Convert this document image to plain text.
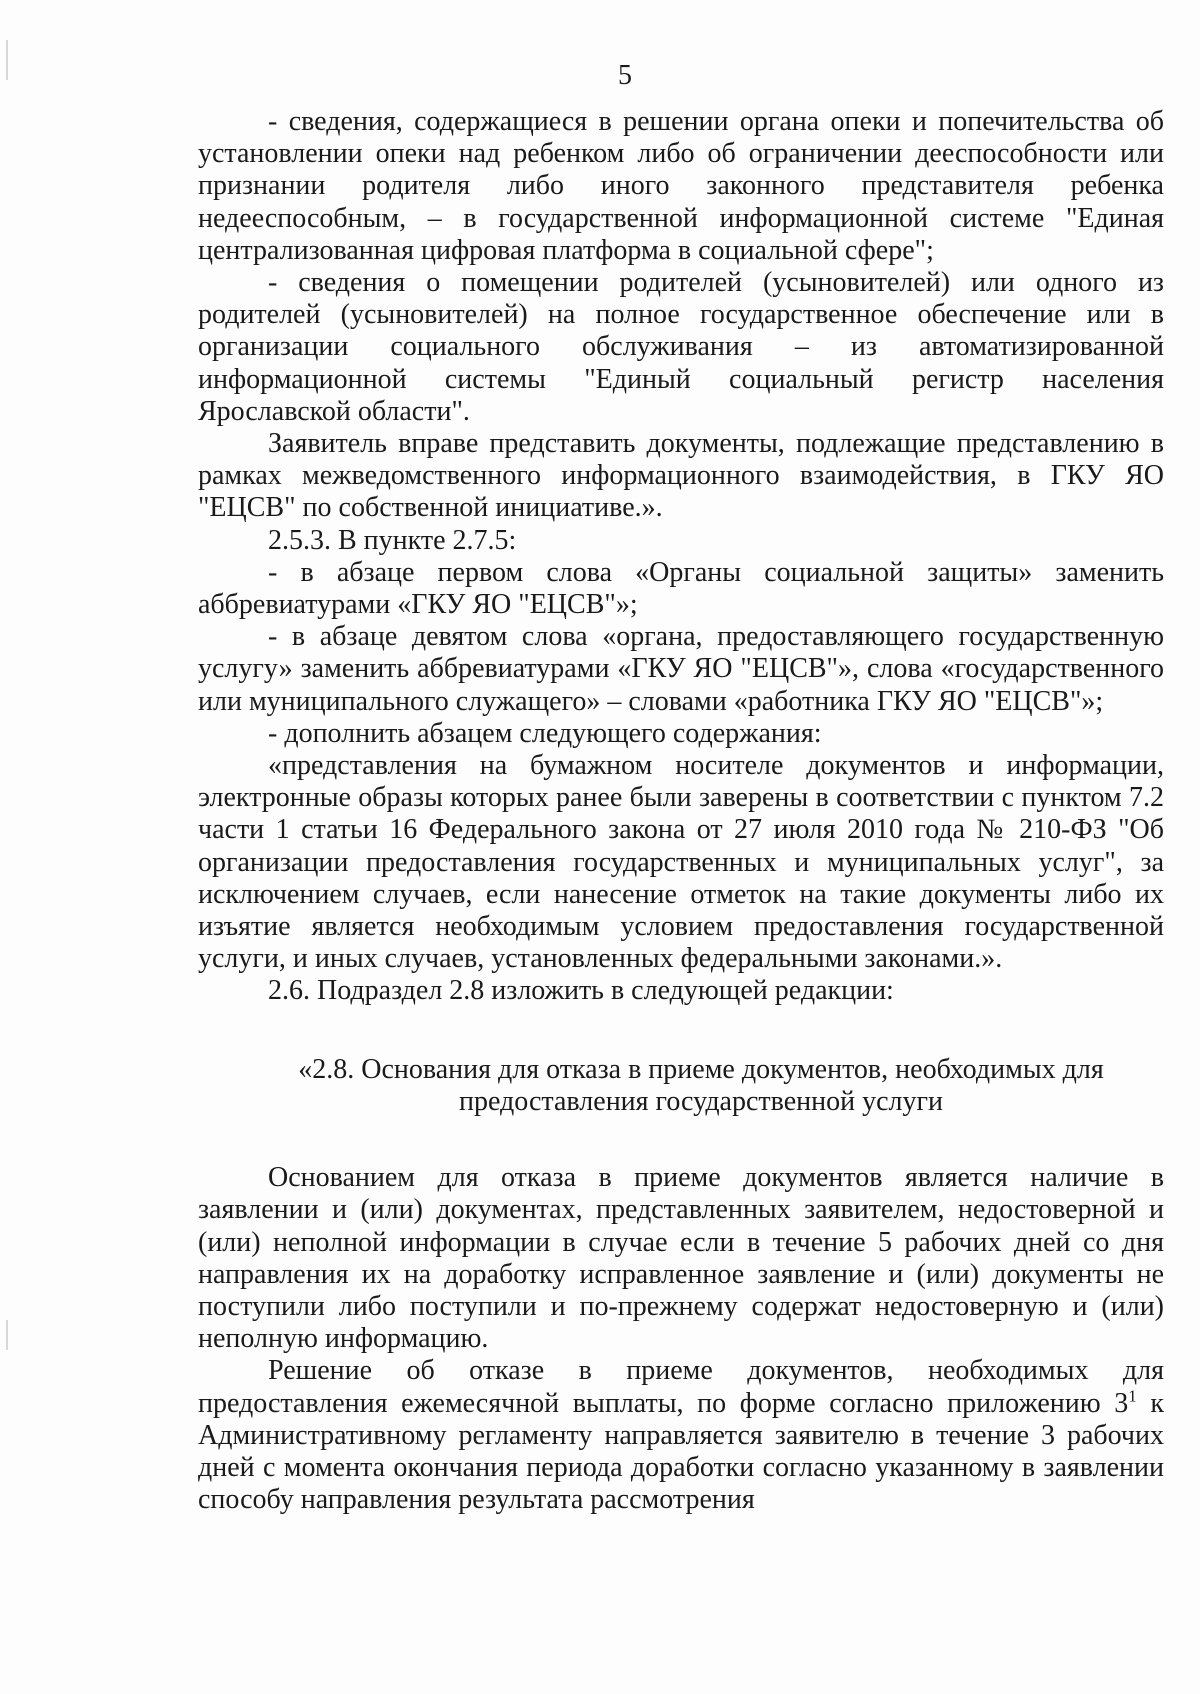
5

- сведения, содержащиеся в решении органа опеки и попечительства об установлении опеки над ребенком либо об ограничении дееспособности или признании родителя либо иного законного представителя ребенка недееспособным, – в государственной информационной системе "Единая централизованная цифровая платформа в социальной сфере";

- сведения о помещении родителей (усыновителей) или одного из родителей (усыновителей) на полное государственное обеспечение или в организации социального обслуживания – из автоматизированной информационной системы "Единый социальный регистр населения Ярославской области".

Заявитель вправе представить документы, подлежащие представлению в рамках межведомственного информационного взаимодействия, в ГКУ ЯО "ЕЦСВ" по собственной инициативе.».

2.5.3. В пункте 2.7.5:

- в абзаце первом слова «Органы социальной защиты» заменить аббревиатурами «ГКУ ЯО "ЕЦСВ"»;

- в абзаце девятом слова «органа, предоставляющего государственную услугу» заменить аббревиатурами «ГКУ ЯО "ЕЦСВ"», слова «государственного или муниципального служащего» – словами «работника ГКУ ЯО "ЕЦСВ"»;

- дополнить абзацем следующего содержания:

«представления на бумажном носителе документов и информации, электронные образы которых ранее были заверены в соответствии с пунктом 7.2 части 1 статьи 16 Федерального закона от 27 июля 2010 года № 210-ФЗ "Об организации предоставления государственных и муниципальных услуг", за исключением случаев, если нанесение отметок на такие документы либо их изъятие является необходимым условием предоставления государственной услуги, и иных случаев, установленных федеральными законами.».

2.6. Подраздел 2.8 изложить в следующей редакции:

«2.8. Основания для отказа в приеме документов, необходимых для
предоставления государственной услуги

Основанием для отказа в приеме документов является наличие в заявлении и (или) документах, представленных заявителем, недостоверной и (или) неполной информации в случае если в течение 5 рабочих дней со дня направления их на доработку исправленное заявление и (или) документы не поступили либо поступили и по-прежнему содержат недостоверную и (или) неполную информацию.

Решение об отказе в приеме документов, необходимых для предоставления ежемесячной выплаты, по форме согласно приложению $3^1$ к Административному регламенту направляется заявителю в течение 3 рабочих дней с момента окончания периода доработки согласно указанному в заявлении способу направления результата рассмотрения
